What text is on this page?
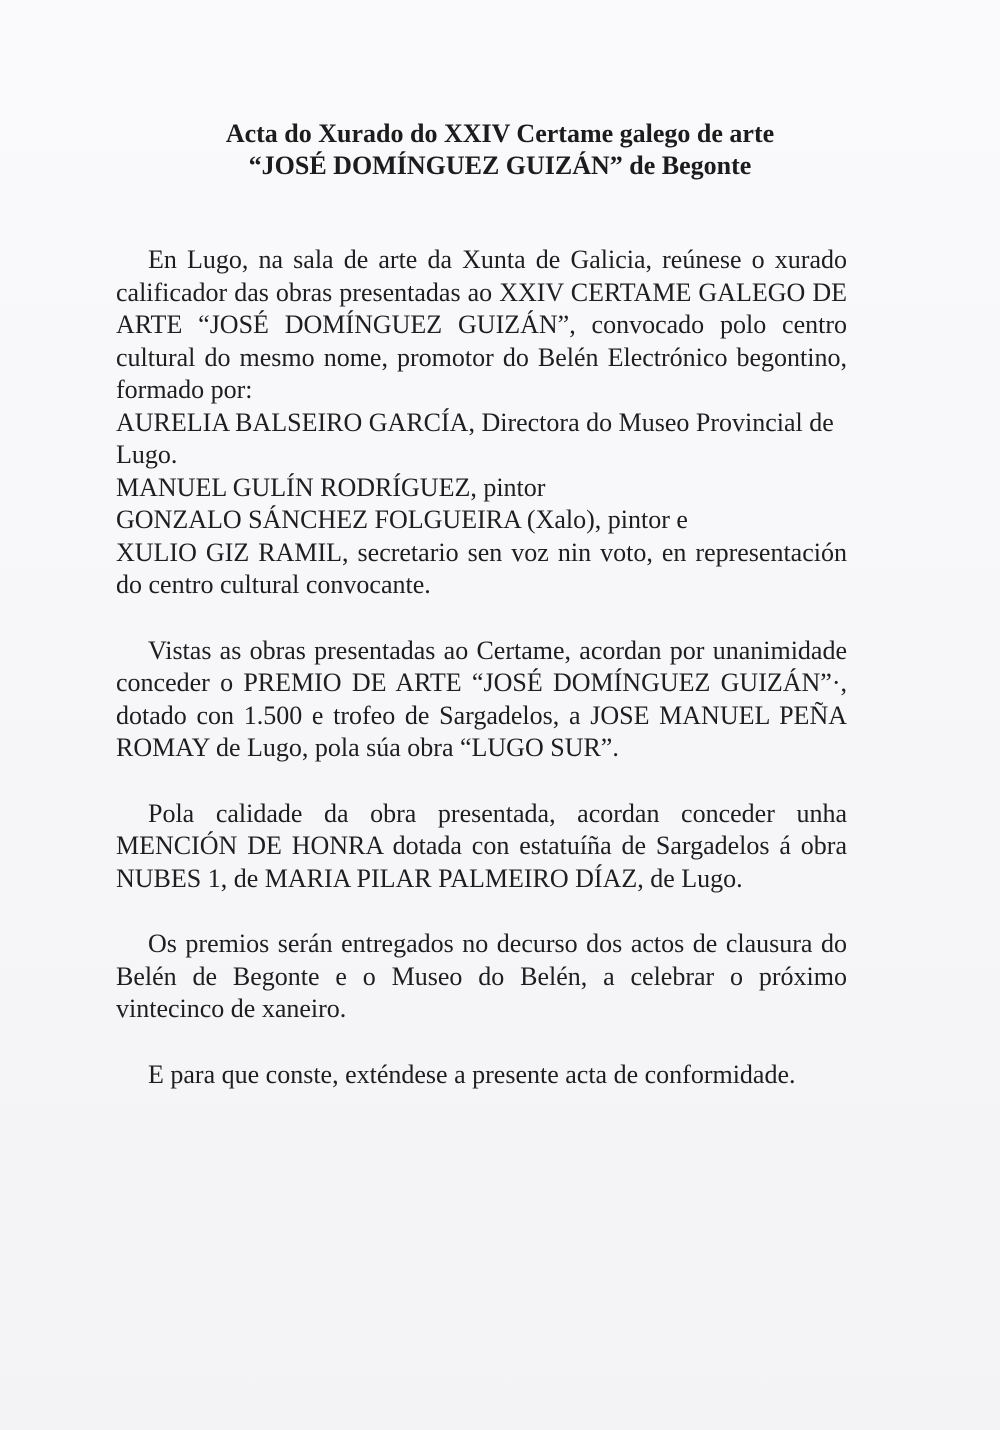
Acta do Xurado do XXIV Certame galego de arte
“JOSÉ DOMÍNGUEZ GUIZÁN” de Begonte

En Lugo, na sala de arte da Xunta de Galicia, reúnese o xurado calificador das obras presentadas ao XXIV CERTAME GALEGO DE ARTE “JOSÉ DOMÍNGUEZ GUIZÁN”, convocado polo centro cultural do mesmo nome, promotor do Belén Electrónico begontino, formado por:

AURELIA BALSEIRO GARCÍA, Directora do Museo Provincial de Lugo.

MANUEL GULÍN RODRÍGUEZ, pintor

GONZALO SÁNCHEZ FOLGUEIRA (Xalo), pintor e

XULIO GIZ RAMIL, secretario sen voz nin voto, en representación do centro cultural convocante.

Vistas as obras presentadas ao Certame, acordan por unanimidade conceder o PREMIO DE ARTE “JOSÉ DOMÍNGUEZ GUIZÁN”·, dotado con 1.500 e trofeo de Sargadelos, a JOSE MANUEL PEÑA ROMAY de Lugo, pola súa obra “LUGO SUR”.

Pola calidade da obra presentada, acordan conceder unha MENCIÓN DE HONRA dotada con estatuíña de Sargadelos á obra NUBES 1, de MARIA PILAR PALMEIRO DÍAZ, de Lugo.

Os premios serán entregados no decurso dos actos de clausura do Belén de Begonte e o Museo do Belén, a celebrar o próximo vintecinco de xaneiro.

E para que conste, exténdese a presente acta de conformidade.
